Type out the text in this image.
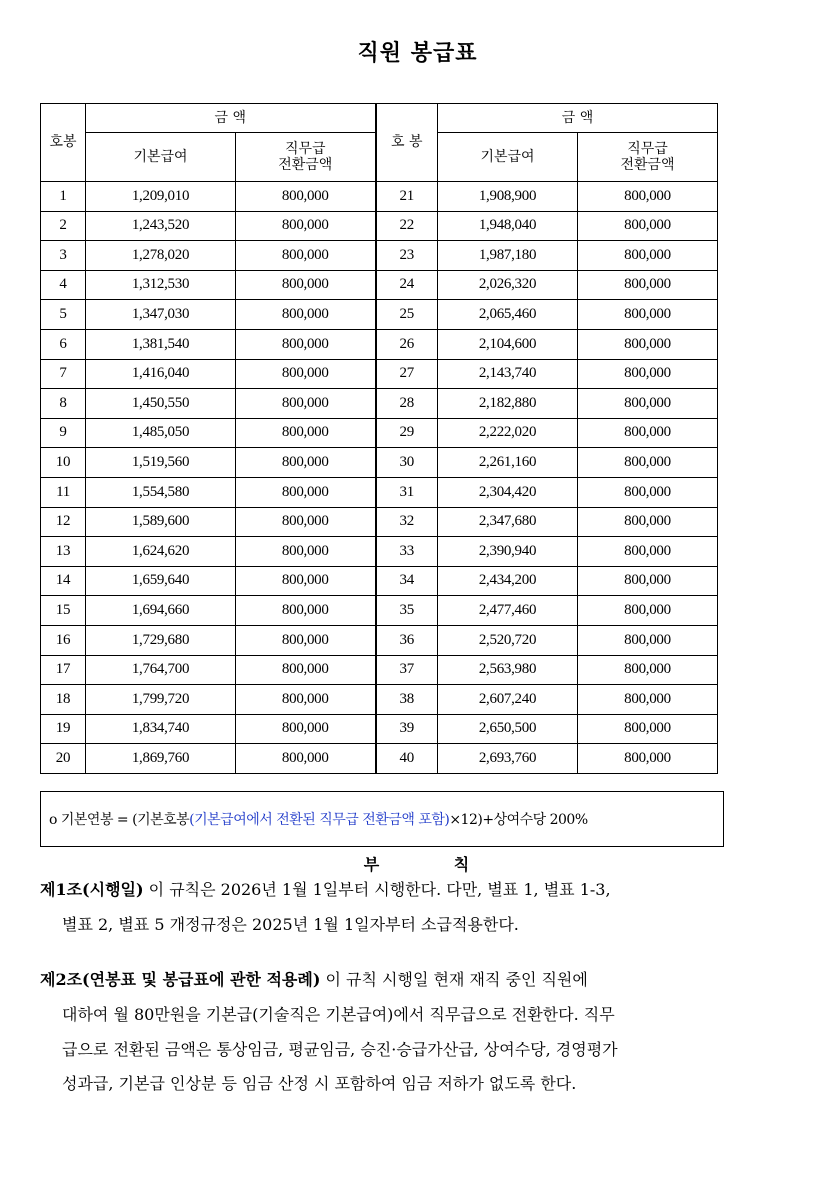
직원 봉급표
호봉	금 액		호 봉	금 액	
	기본급여	직무급
전환금액		기본급여	직무급
전환금액
1	1,209,010	800,000	21	1,908,900	800,000
2	1,243,520	800,000	22	1,948,040	800,000
3	1,278,020	800,000	23	1,987,180	800,000
4	1,312,530	800,000	24	2,026,320	800,000
5	1,347,030	800,000	25	2,065,460	800,000
6	1,381,540	800,000	26	2,104,600	800,000
7	1,416,040	800,000	27	2,143,740	800,000
8	1,450,550	800,000	28	2,182,880	800,000
9	1,485,050	800,000	29	2,222,020	800,000
10	1,519,560	800,000	30	2,261,160	800,000
11	1,554,580	800,000	31	2,304,420	800,000
12	1,589,600	800,000	32	2,347,680	800,000
13	1,624,620	800,000	33	2,390,940	800,000
14	1,659,640	800,000	34	2,434,200	800,000
15	1,694,660	800,000	35	2,477,460	800,000
16	1,729,680	800,000	36	2,520,720	800,000
17	1,764,700	800,000	37	2,563,980	800,000
18	1,799,720	800,000	38	2,607,240	800,000
19	1,834,740	800,000	39	2,650,500	800,000
20	1,869,760	800,000	40	2,693,760	800,000
o 기본연봉 = (기본호봉(기본급여에서 전환된 직무급 전환금액 포함)×12)+상여수당 200%
부	칙
제1조(시행일) 이 규칙은 2026년 1월 1일부터 시행한다. 다만, 별표 1, 별표 1-3,
별표 2, 별표 5 개정규정은 2025년 1월 1일자부터 소급적용한다.
제2조(연봉표 및 봉급표에 관한 적용례) 이 규칙 시행일 현재 재직 중인 직원에
대하여 월 80만원을 기본급(기술직은 기본급여)에서 직무급으로 전환한다. 직무
급으로 전환된 금액은 통상임금, 평균임금, 승진·승급가산급, 상여수당, 경영평가
성과급, 기본급 인상분 등 임금 산정 시 포함하여 임금 저하가 없도록 한다.
